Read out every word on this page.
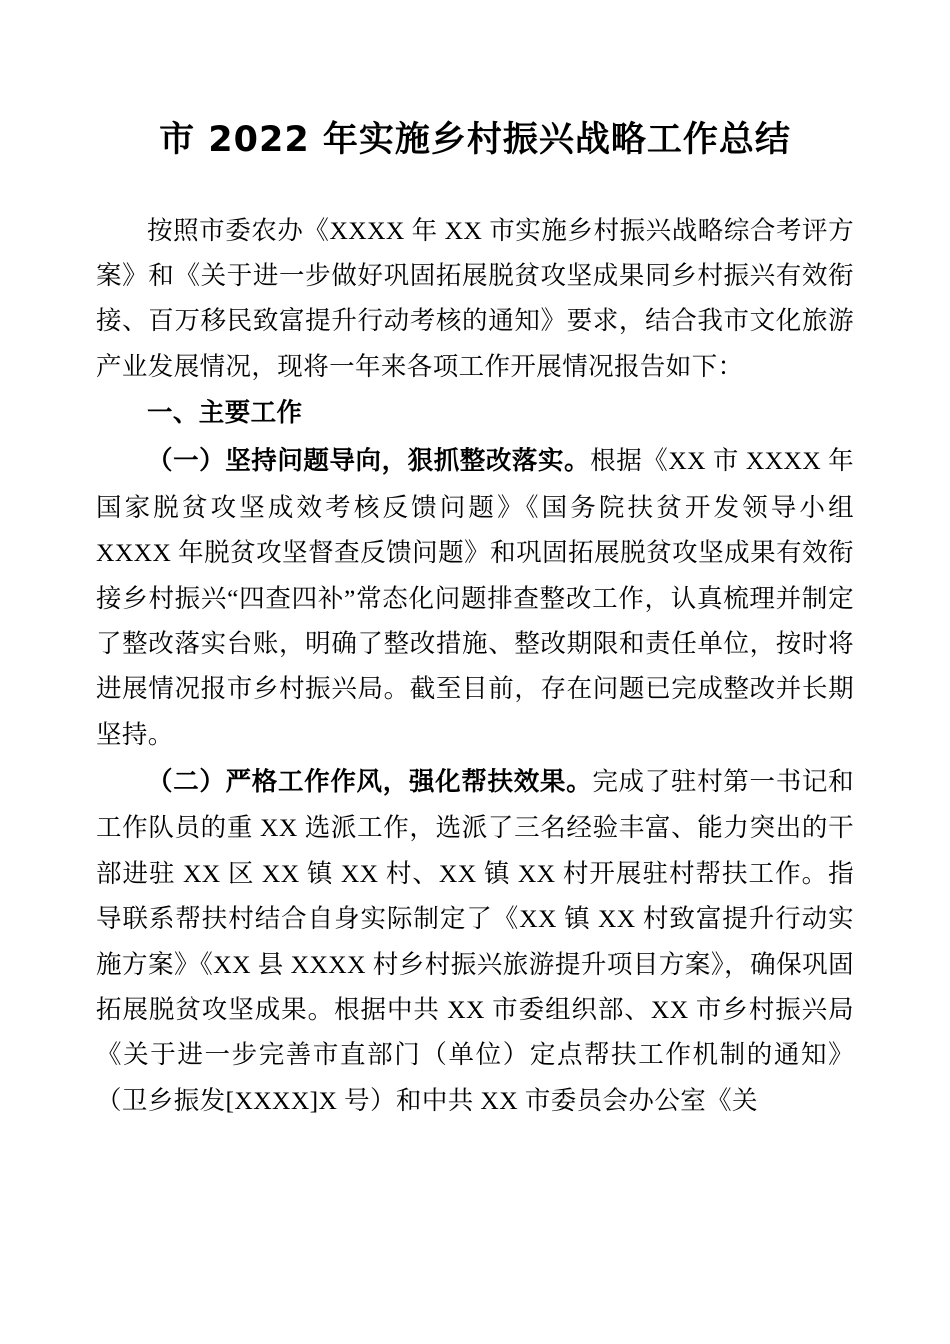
市 2022 年实施乡村振兴战略工作总结

按照市委农办《XXXX 年 XX 市实施乡村振兴战略综合考评方案》和《关于进一步做好巩固拓展脱贫攻坚成果同乡村振兴有效衔接、百万移民致富提升行动考核的通知》要求，结合我市文化旅游产业发展情况，现将一年来各项工作开展情况报告如下：

一、主要工作

（一）坚持问题导向，狠抓整改落实。根据《XX 市 XXXX 年国家脱贫攻坚成效考核反馈问题》《国务院扶贫开发领导小组 XXXX 年脱贫攻坚督查反馈问题》和巩固拓展脱贫攻坚成果有效衔接乡村振兴“四查四补”常态化问题排查整改工作，认真梳理并制定了整改落实台账，明确了整改措施、整改期限和责任单位，按时将进展情况报市乡村振兴局。截至目前，存在问题已完成整改并长期坚持。

（二）严格工作作风，强化帮扶效果。完成了驻村第一书记和工作队员的重 XX 选派工作，选派了三名经验丰富、能力突出的干部进驻 XX 区 XX 镇 XX 村、XX 镇 XX 村开展驻村帮扶工作。指导联系帮扶村结合自身实际制定了《XX 镇 XX 村致富提升行动实施方案》《XX 县 XXXX 村乡村振兴旅游提升项目方案》，确保巩固拓展脱贫攻坚成果。根据中共 XX 市委组织部、XX 市乡村振兴局《关于进一步完善市直部门（单位）定点帮扶工作机制的通知》（卫乡振发[XXXX]X 号）和中共 XX 市委员会办公室《关
